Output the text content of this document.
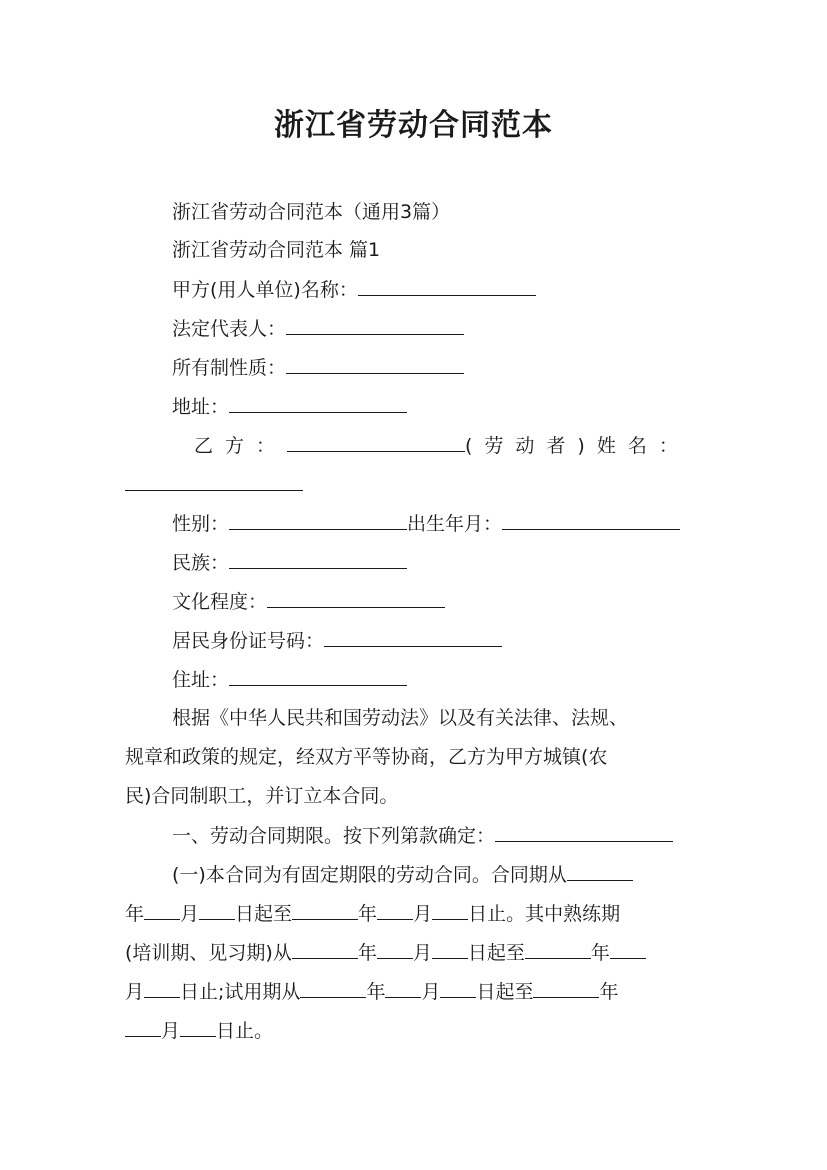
浙江省劳动合同范本
浙江省劳动合同范本（通用3篇）
浙江省劳动合同范本 篇1
甲方(用人单位)名称：
法定代表人：
所有制性质：
地址：
乙方：	(劳动者)姓名：
性别：	出生年月：
民族：
文化程度：
居民身份证号码：
住址：
根据《中华人民共和国劳动法》以及有关法律、法规、
规章和政策的规定，经双方平等协商，乙方为甲方城镇(农
民)合同制职工，并订立本合同。
一、劳动合同期限。按下列第款确定：
(一)本合同为有固定期限的劳动合同。合同期从
年 月 日起至	年 月 日止。其中熟练期
(培训期、见习期)从	年 月 日起至	年
月 日止;试用期从	年 月 日起至	年
月 日止。
